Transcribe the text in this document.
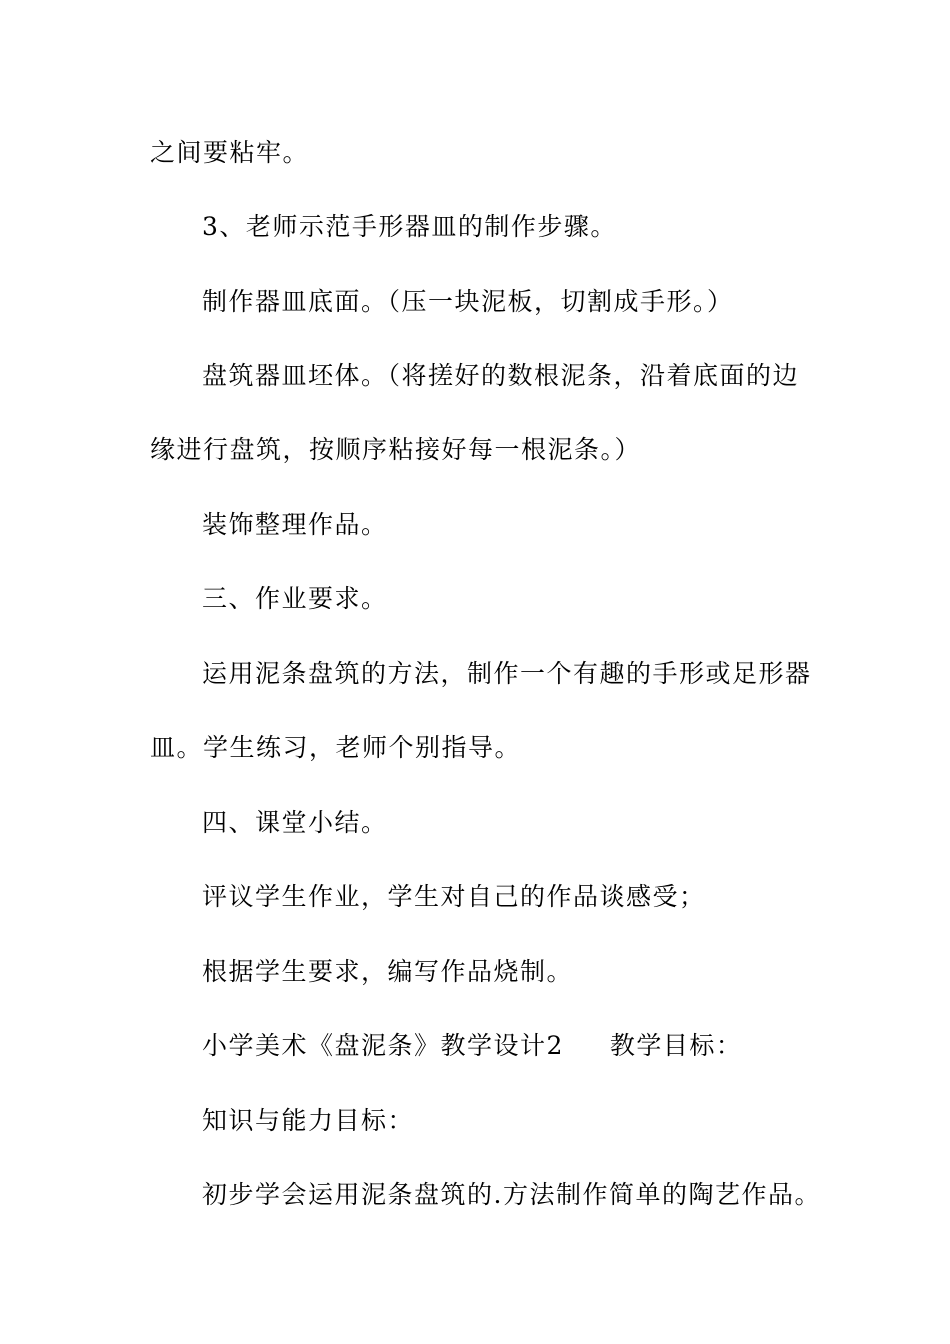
之间要粘牢。
3、老师示范手形器皿的制作步骤。
制作器皿底面。（压一块泥板，切割成手形。）
盘筑器皿坯体。（将搓好的数根泥条，沿着底面的边
缘进行盘筑，按顺序粘接好每一根泥条。）
装饰整理作品。
三、作业要求。
运用泥条盘筑的方法，制作一个有趣的手形或足形器
皿。学生练习，老师个别指导。
四、课堂小结。
评议学生作业，学生对自己的作品谈感受；
根据学生要求，编写作品烧制。
小学美术《盘泥条》教学设计2 教学目标：
知识与能力目标：
初步学会运用泥条盘筑的.方法制作简单的陶艺作品。
